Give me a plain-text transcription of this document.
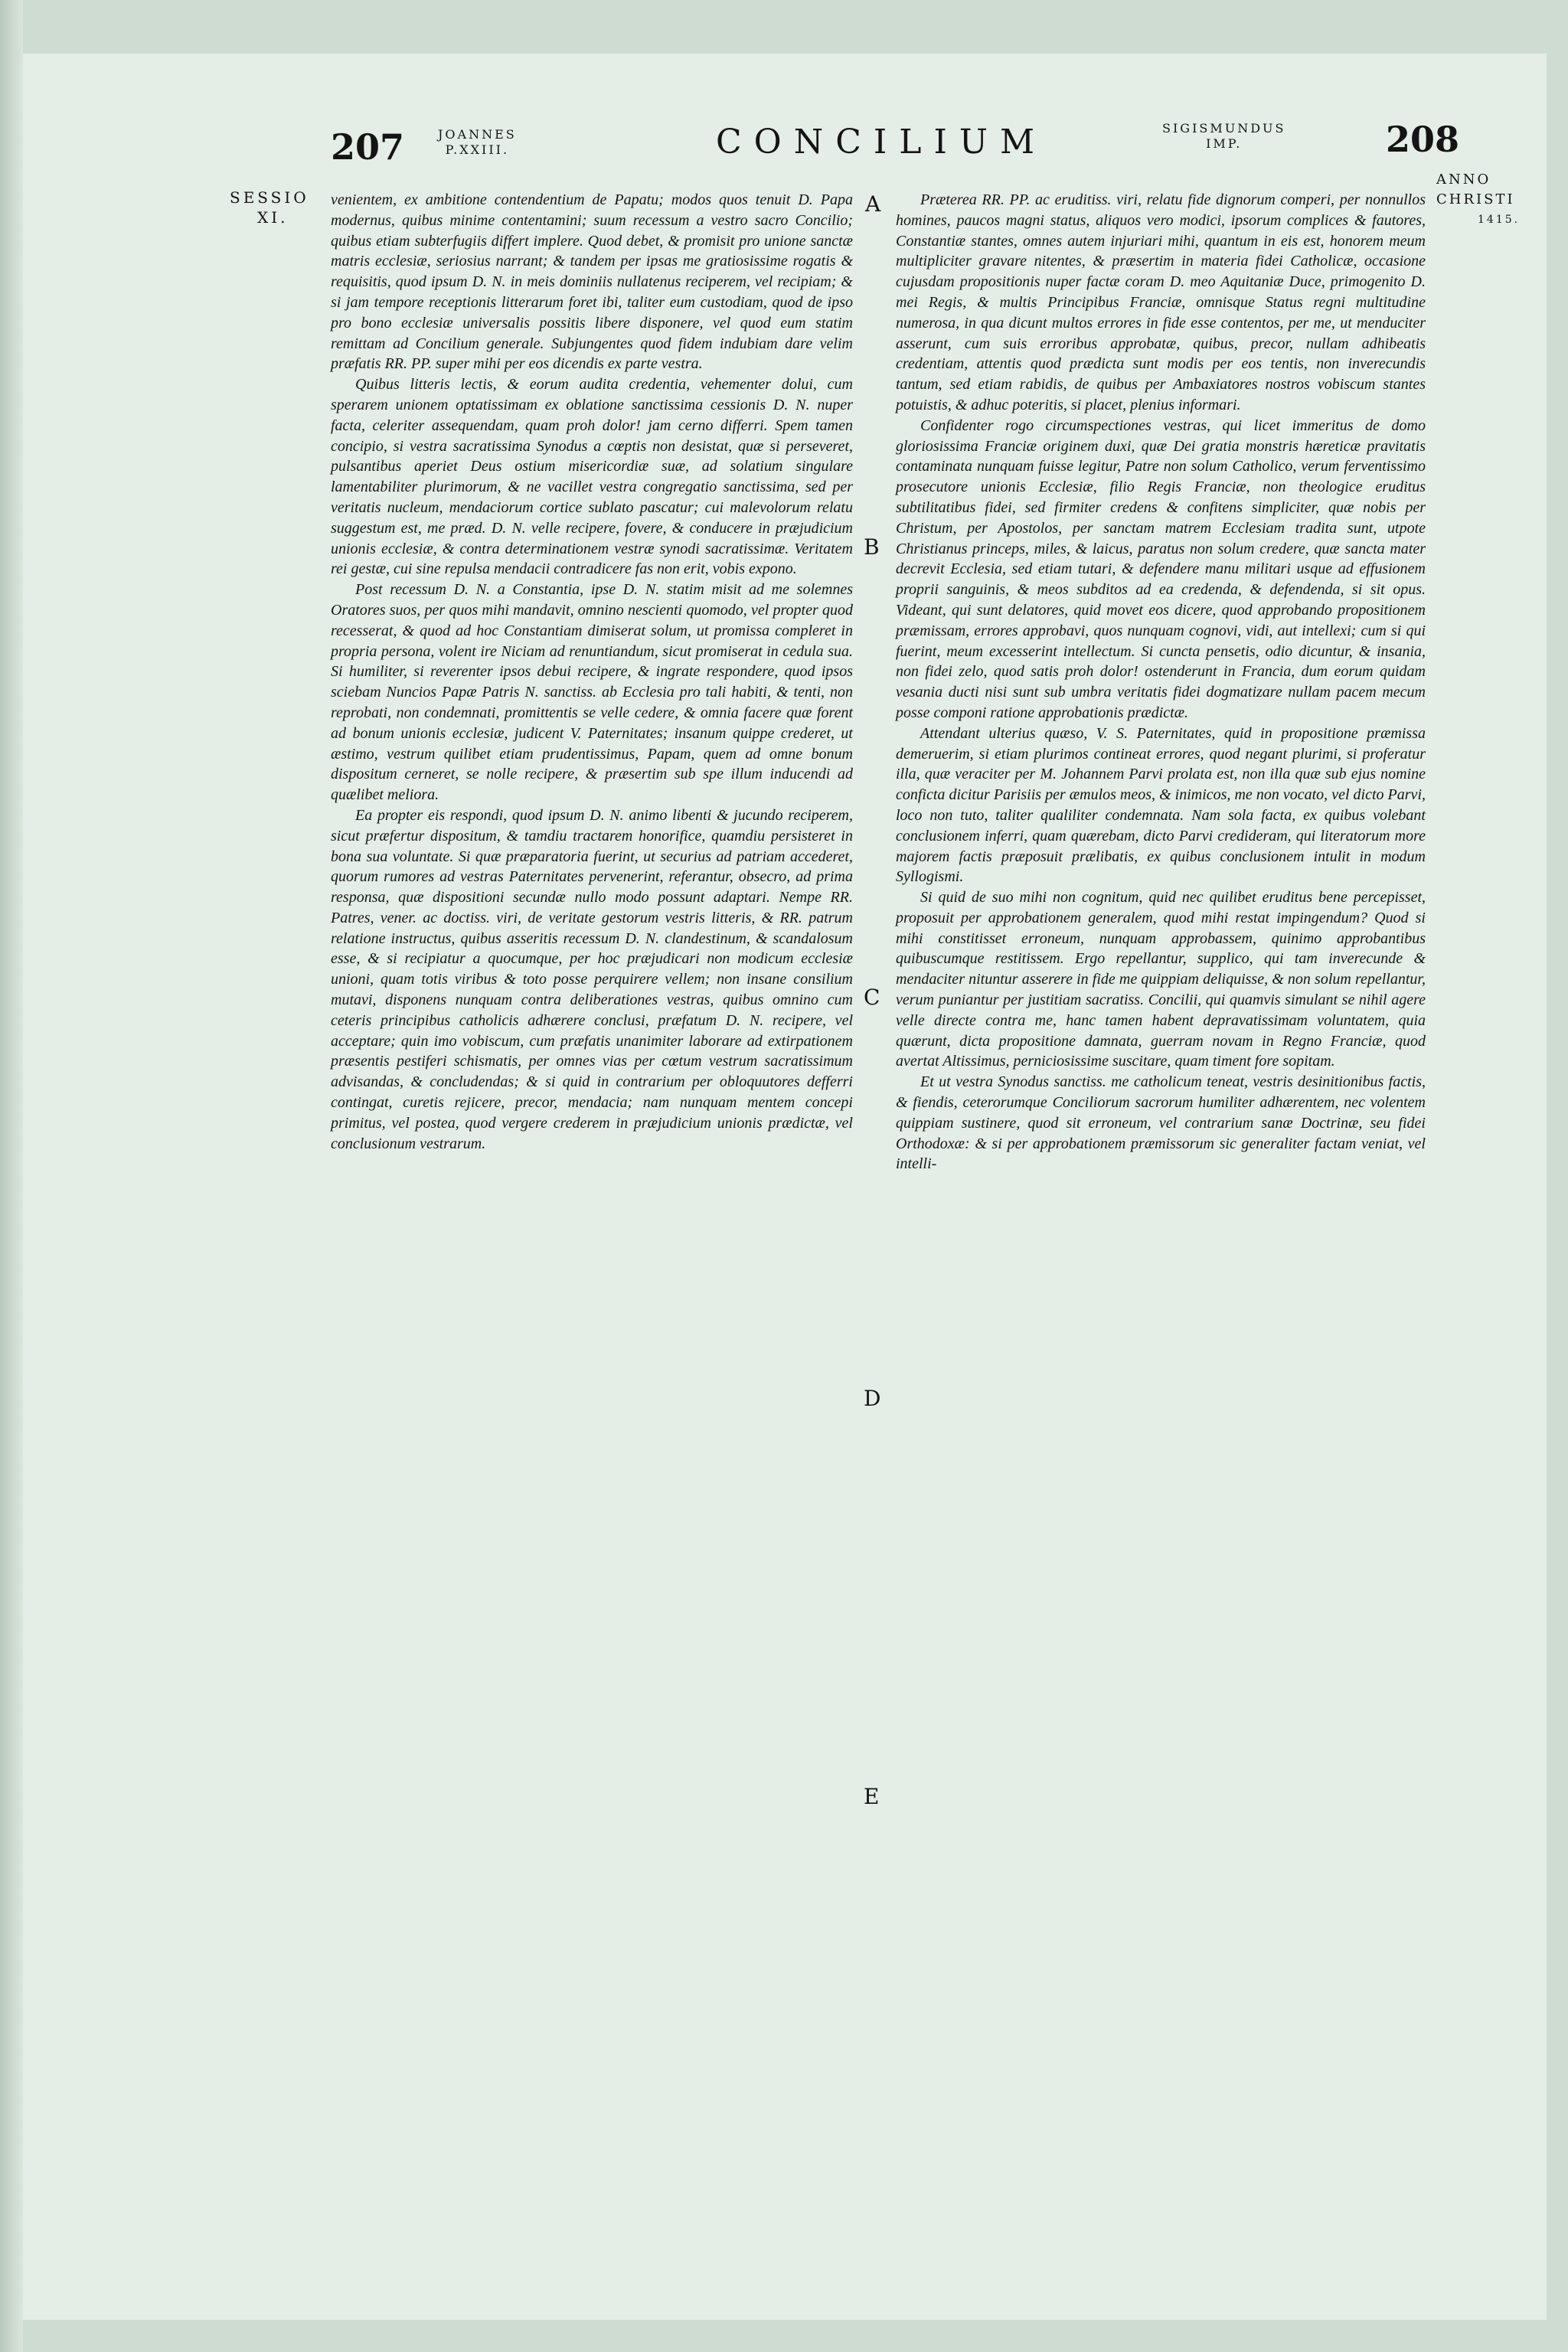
207	JOANNES
P.XXIII.	CONCILIUM	SIGISMUNDUS
IMP.	208
SESSIO
XI.
ANNO
CHRISTI
1415.
A
B
C
D
E

venientem, ex ambitione contendentium de Papatu; modos quos tenuit D. Papa modernus, quibus minime contentamini; suum recessum a vestro sacro Concilio; quibus etiam subterfugiis differt implere. Quod debet, & promisit pro unione sanctæ matris ecclesiæ, seriosius narrant; & tandem per ipsas me gratiosissime rogatis & requisitis, quod ipsum D. N. in meis dominiis nullatenus reciperem, vel recipiam; & si jam tempore receptionis litterarum foret ibi, taliter eum custodiam, quod de ipso pro bono ecclesiæ universalis possitis libere disponere, vel quod eum statim remittam ad Concilium generale. Subjungentes quod fidem indubiam dare velim præfatis RR. PP. super mihi per eos dicendis ex parte vestra.

Quibus litteris lectis, & eorum audita credentia, vehementer dolui, cum sperarem unionem optatissimam ex oblatione sanctissima cessionis D. N. nuper facta, celeriter assequendam, quam proh dolor! jam cerno differri. Spem tamen concipio, si vestra sacratissima Synodus a cœptis non desistat, quæ si perseveret, pulsantibus aperiet Deus ostium misericordiæ suæ, ad solatium singulare lamentabiliter plurimorum, & ne vacillet vestra congregatio sanctissima, sed per veritatis nucleum, mendaciorum cortice sublato pascatur; cui malevolorum relatu suggestum est, me præd. D. N. velle recipere, fovere, & conducere in præjudicium unionis ecclesiæ, & contra determinationem vestræ synodi sacratissimæ. Veritatem rei gestæ, cui sine repulsa mendacii contradicere fas non erit, vobis expono.

Post recessum D. N. a Constantia, ipse D. N. statim misit ad me solemnes Oratores suos, per quos mihi mandavit, omnino nescienti quomodo, vel propter quod recesserat, & quod ad hoc Constantiam dimiserat solum, ut promissa compleret in propria persona, volent ire Niciam ad renuntiandum, sicut promiserat in cedula sua. Si humiliter, si reverenter ipsos debui recipere, & ingrate respondere, quod ipsos sciebam Nuncios Papæ Patris N. sanctiss. ab Ecclesia pro tali habiti, & tenti, non reprobati, non condemnati, promittentis se velle cedere, & omnia facere quæ forent ad bonum unionis ecclesiæ, judicent V. Paternitates; insanum quippe crederet, ut æstimo, vestrum quilibet etiam prudentissimus, Papam, quem ad omne bonum dispositum cerneret, se nolle recipere, & præsertim sub spe illum inducendi ad quælibet meliora.

Ea propter eis respondi, quod ipsum D. N. animo libenti & jucundo reciperem, sicut præfertur dispositum, & tamdiu tractarem honorifice, quamdiu persisteret in bona sua voluntate. Si quæ præparatoria fuerint, ut securius ad patriam accederet, quorum rumores ad vestras Paternitates pervenerint, referantur, obsecro, ad prima responsa, quæ dispositioni secundæ nullo modo possunt adaptari. Nempe RR. Patres, vener. ac doctiss. viri, de veritate gestorum vestris litteris, & RR. patrum relatione instructus, quibus asseritis recessum D. N. clandestinum, & scandalosum esse, & si recipiatur a quocumque, per hoc præjudicari non modicum ecclesiæ unioni, quam totis viribus & toto posse perquirere vellem; non insane consilium mutavi, disponens nunquam contra deliberationes vestras, quibus omnino cum ceteris principibus catholicis adhærere conclusi, præfatum D. N. recipere, vel acceptare; quin imo vobiscum, cum præfatis unanimiter laborare ad extirpationem præsentis pestiferi schismatis, per omnes vias per cœtum vestrum sacratissimum advisandas, & concludendas; & si quid in contrarium per obloquutores defferri contingat, curetis rejicere, precor, mendacia; nam nunquam mentem concepi primitus, vel postea, quod vergere crederem in præjudicium unionis prædictæ, vel conclusionum vestrarum.

Præterea RR. PP. ac eruditiss. viri, relatu fide dignorum comperi, per nonnullos homines, paucos magni status, aliquos vero modici, ipsorum complices & fautores, Constantiæ stantes, omnes autem injuriari mihi, quantum in eis est, honorem meum multipliciter gravare nitentes, & præsertim in materia fidei Catholicæ, occasione cujusdam propositionis nuper factæ coram D. meo Aquitaniæ Duce, primogenito D. mei Regis, & multis Principibus Franciæ, omnisque Status regni multitudine numerosa, in qua dicunt multos errores in fide esse contentos, per me, ut menduciter asserunt, cum suis erroribus approbatæ, quibus, precor, nullam adhibeatis credentiam, attentis quod prædicta sunt modis per eos tentis, non inverecundis tantum, sed etiam rabidis, de quibus per Ambaxiatores nostros vobiscum stantes potuistis, & adhuc poteritis, si placet, plenius informari.

Confidenter rogo circumspectiones vestras, qui licet immeritus de domo gloriosissima Franciæ originem duxi, quæ Dei gratia monstris hæreticæ pravitatis contaminata nunquam fuisse legitur, Patre non solum Catholico, verum ferventissimo prosecutore unionis Ecclesiæ, filio Regis Franciæ, non theologice eruditus subtilitatibus fidei, sed firmiter credens & confitens simpliciter, quæ nobis per Christum, per Apostolos, per sanctam matrem Ecclesiam tradita sunt, utpote Christianus princeps, miles, & laicus, paratus non solum credere, quæ sancta mater decrevit Ecclesia, sed etiam tutari, & defendere manu militari usque ad effusionem proprii sanguinis, & meos subditos ad ea credenda, & defendenda, si sit opus. Videant, qui sunt delatores, quid movet eos dicere, quod approbando propositionem præmissam, errores approbavi, quos nunquam cognovi, vidi, aut intellexi; cum si qui fuerint, meum excesserint intellectum. Si cuncta pensetis, odio dicuntur, & insania, non fidei zelo, quod satis proh dolor! ostenderunt in Francia, dum eorum quidam vesania ducti nisi sunt sub umbra veritatis fidei dogmatizare nullam pacem mecum posse componi ratione approbationis prædictæ.

Attendant ulterius quæso, V. S. Paternitates, quid in propositione præmissa demeruerim, si etiam plurimos contineat errores, quod negant plurimi, si proferatur illa, quæ veraciter per M. Johannem Parvi prolata est, non illa quæ sub ejus nomine conficta dicitur Parisiis per æmulos meos, & inimicos, me non vocato, vel dicto Parvi, loco non tuto, taliter qualiliter condemnata. Nam sola facta, ex quibus volebant conclusionem inferri, quam quærebam, dicto Parvi credideram, qui literatorum more majorem factis præposuit prælibatis, ex quibus conclusionem intulit in modum Syllogismi.

Si quid de suo mihi non cognitum, quid nec quilibet eruditus bene percepisset, proposuit per approbationem generalem, quod mihi restat impingendum? Quod si mihi constitisset erroneum, nunquam approbassem, quinimo approbantibus quibuscumque restitissem. Ergo repellantur, supplico, qui tam inverecunde & mendaciter nituntur asserere in fide me quippiam deliquisse, & non solum repellantur, verum puniantur per justitiam sacratiss. Concilii, qui quamvis simulant se nihil agere velle directe contra me, hanc tamen habent depravatissimam voluntatem, quia quærunt, dicta propositione damnata, guerram novam in Regno Franciæ, quod avertat Altissimus, perniciosissime suscitare, quam timent fore sopitam.

Et ut vestra Synodus sanctiss. me catholicum teneat, vestris desinitionibus factis, & fiendis, ceterorumque Conciliorum sacrorum humiliter adhærentem, nec volentem quippiam sustinere, quod sit erroneum, vel contrarium sanæ Doctrinæ, seu fidei Orthodoxæ: & si per approbationem præmissorum sic generaliter factam veniat, vel intelli-
